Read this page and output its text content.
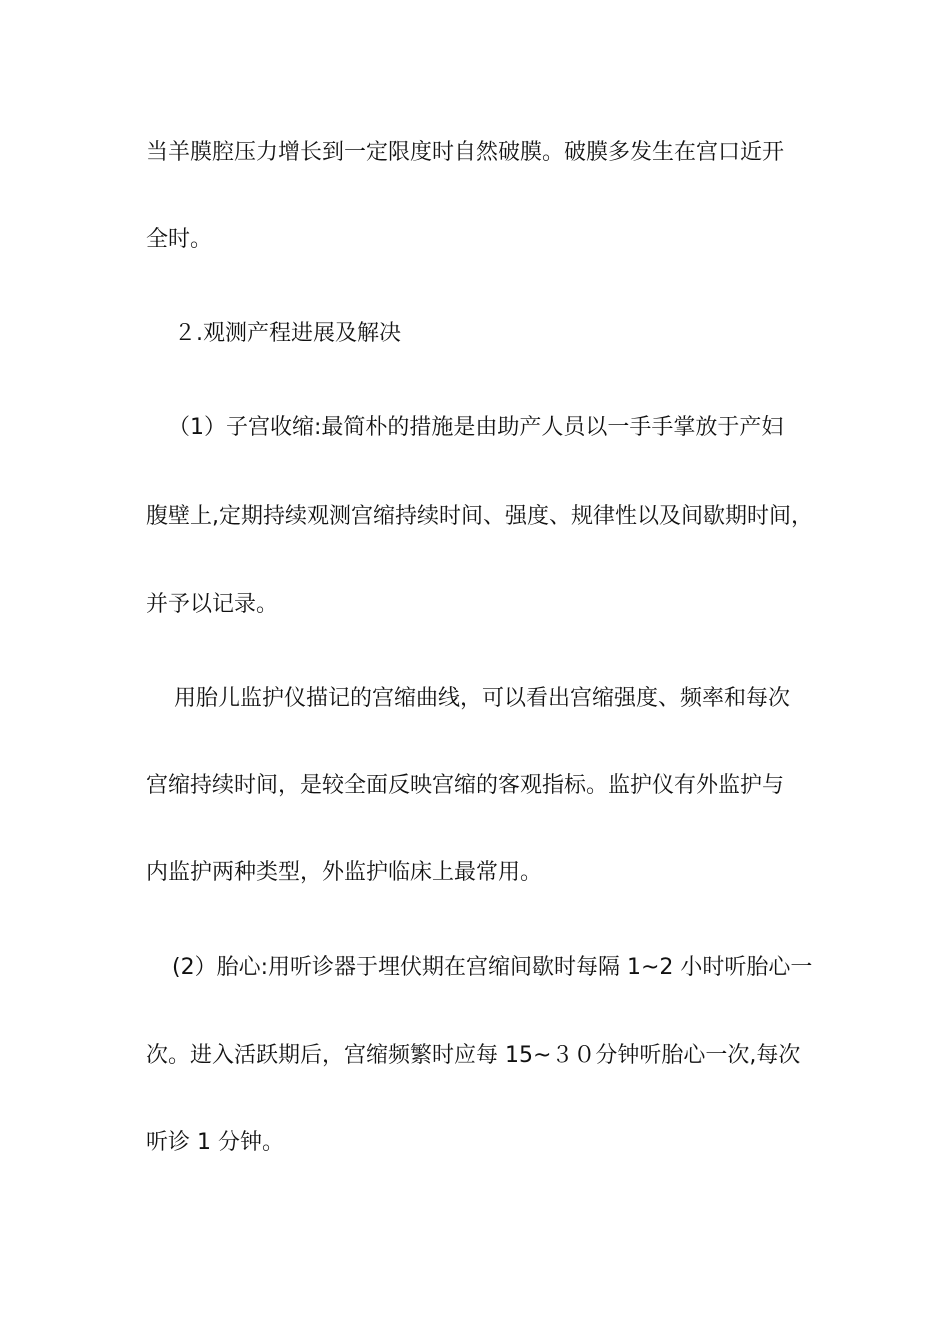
当羊膜腔压力增长到一定限度时自然破膜。破膜多发生在宫口近开
全时。
２.观测产程进展及解决
（1）子宫收缩:最简朴的措施是由助产人员以一手手掌放于产妇
腹壁上,定期持续观测宫缩持续时间、强度、规律性以及间歇期时间，
并予以记录。
用胎儿监护仪描记的宫缩曲线，可以看出宫缩强度、频率和每次
宫缩持续时间，是较全面反映宫缩的客观指标。监护仪有外监护与
内监护两种类型，外监护临床上最常用。
(2）胎心:用听诊器于埋伏期在宫缩间歇时每隔 1~2 小时听胎心一
次。进入活跃期后，宫缩频繁时应每 15~３０分钟听胎心一次,每次
听诊 1 分钟。
